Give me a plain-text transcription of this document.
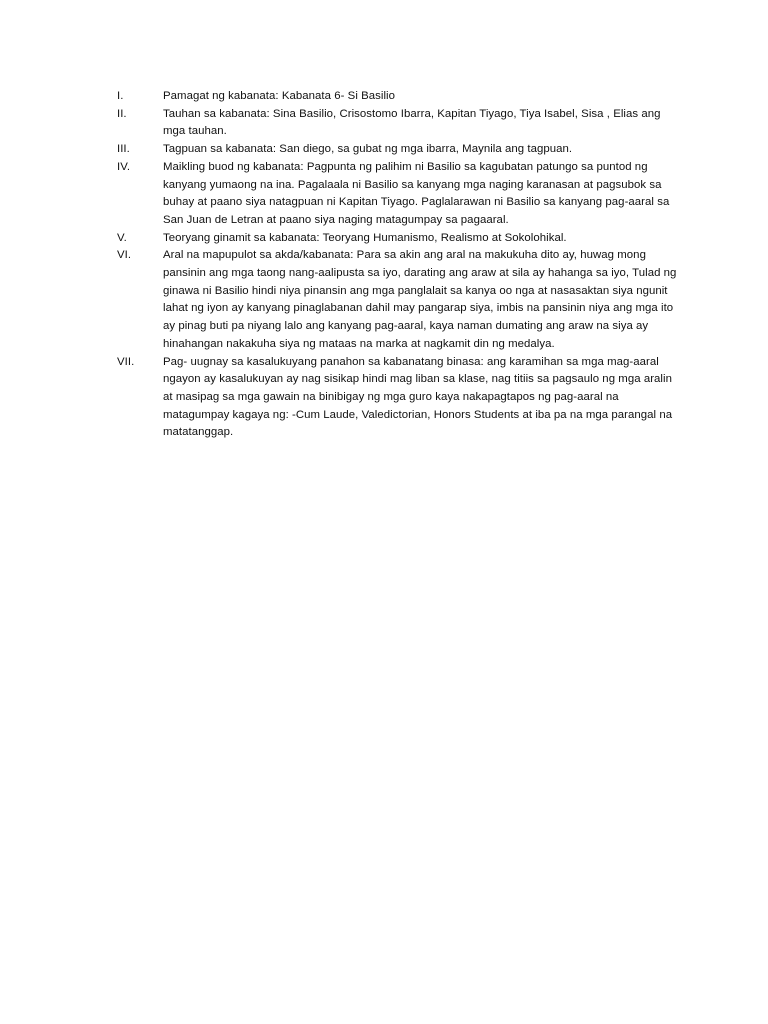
I.	Pamagat ng kabanata: Kabanata 6- Si Basilio
II.	Tauhan sa kabanata: Sina Basilio, Crisostomo Ibarra, Kapitan Tiyago, Tiya Isabel, Sisa , Elias ang mga tauhan.
III.	Tagpuan sa kabanata: San diego, sa gubat ng mga ibarra, Maynila ang tagpuan.
IV.	Maikling buod ng kabanata: Pagpunta ng palihim ni Basilio sa kagubatan patungo sa puntod ng kanyang yumaong na ina. Pagalaala ni Basilio sa kanyang mga naging karanasan at pagsubok sa buhay at paano siya natagpuan ni Kapitan Tiyago. Paglalarawan ni Basilio sa kanyang pag-aaral sa San Juan de Letran at paano siya naging matagumpay sa pagaaral.
V.	Teoryang ginamit sa kabanata: Teoryang Humanismo, Realismo at Sokolohikal.
VI.	Aral na mapupulot sa akda/kabanata: Para sa akin ang aral na makukuha dito ay, huwag mong pansinin ang mga taong nang-aalipusta sa iyo, darating ang araw at sila ay hahanga sa iyo, Tulad ng ginawa ni Basilio hindi niya pinansin ang mga panglalait sa kanya oo nga at nasasaktan siya ngunit lahat ng iyon ay kanyang pinaglabanan dahil may pangarap siya, imbis na pansinin niya ang mga ito ay pinag buti pa niyang lalo ang kanyang pag-aaral, kaya naman dumating ang araw na siya ay hinahangan nakakuha siya ng mataas na marka at nagkamit din ng medalya.
VII.	Pag- uugnay sa kasalukuyang panahon sa kabanatang binasa: ang karamihan sa mga mag-aaral ngayon ay kasalukuyan ay nag sisikap hindi mag liban sa klase, nag titiis sa pagsaulo ng mga aralin at masipag sa mga gawain na binibigay ng mga guro kaya nakapagtapos ng pag-aaral na matagumpay kagaya ng: -Cum Laude, Valedictorian, Honors Students at iba pa na mga parangal na matatanggap.
